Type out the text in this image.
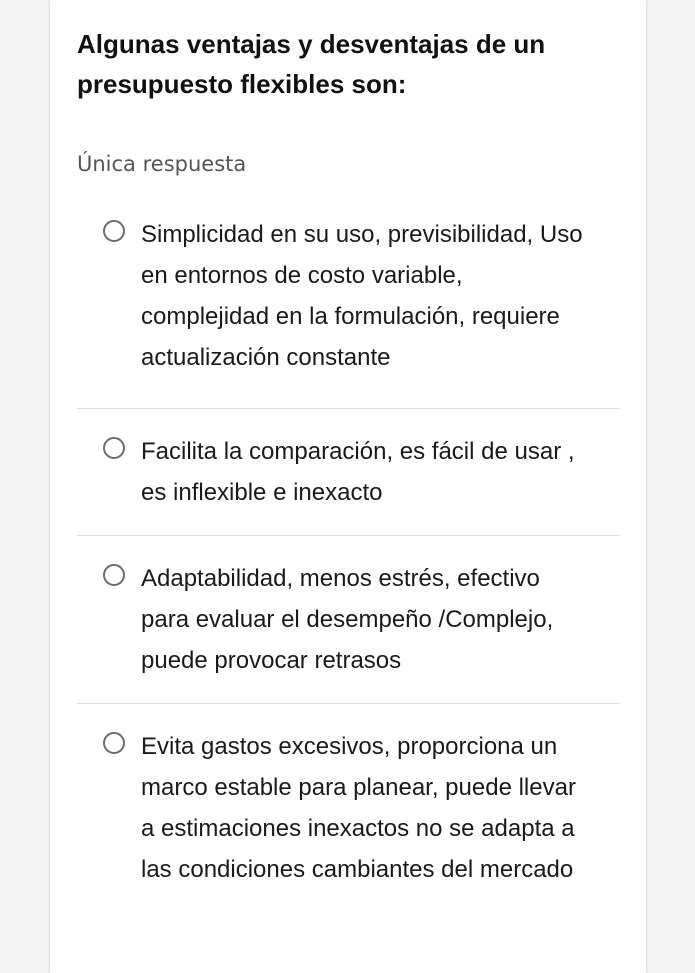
Algunas ventajas y desventajas de un presupuesto flexibles son:
Única respuesta
Simplicidad en su uso, previsibilidad, Uso en entornos de costo variable, complejidad en la formulación, requiere actualización constante
Facilita la comparación, es fácil de usar , es inflexible e inexacto
Adaptabilidad, menos estrés, efectivo para evaluar el desempeño /Complejo, puede provocar retrasos
Evita gastos excesivos, proporciona un marco estable para planear, puede llevar a estimaciones inexactos no se adapta a las condiciones cambiantes del mercado
